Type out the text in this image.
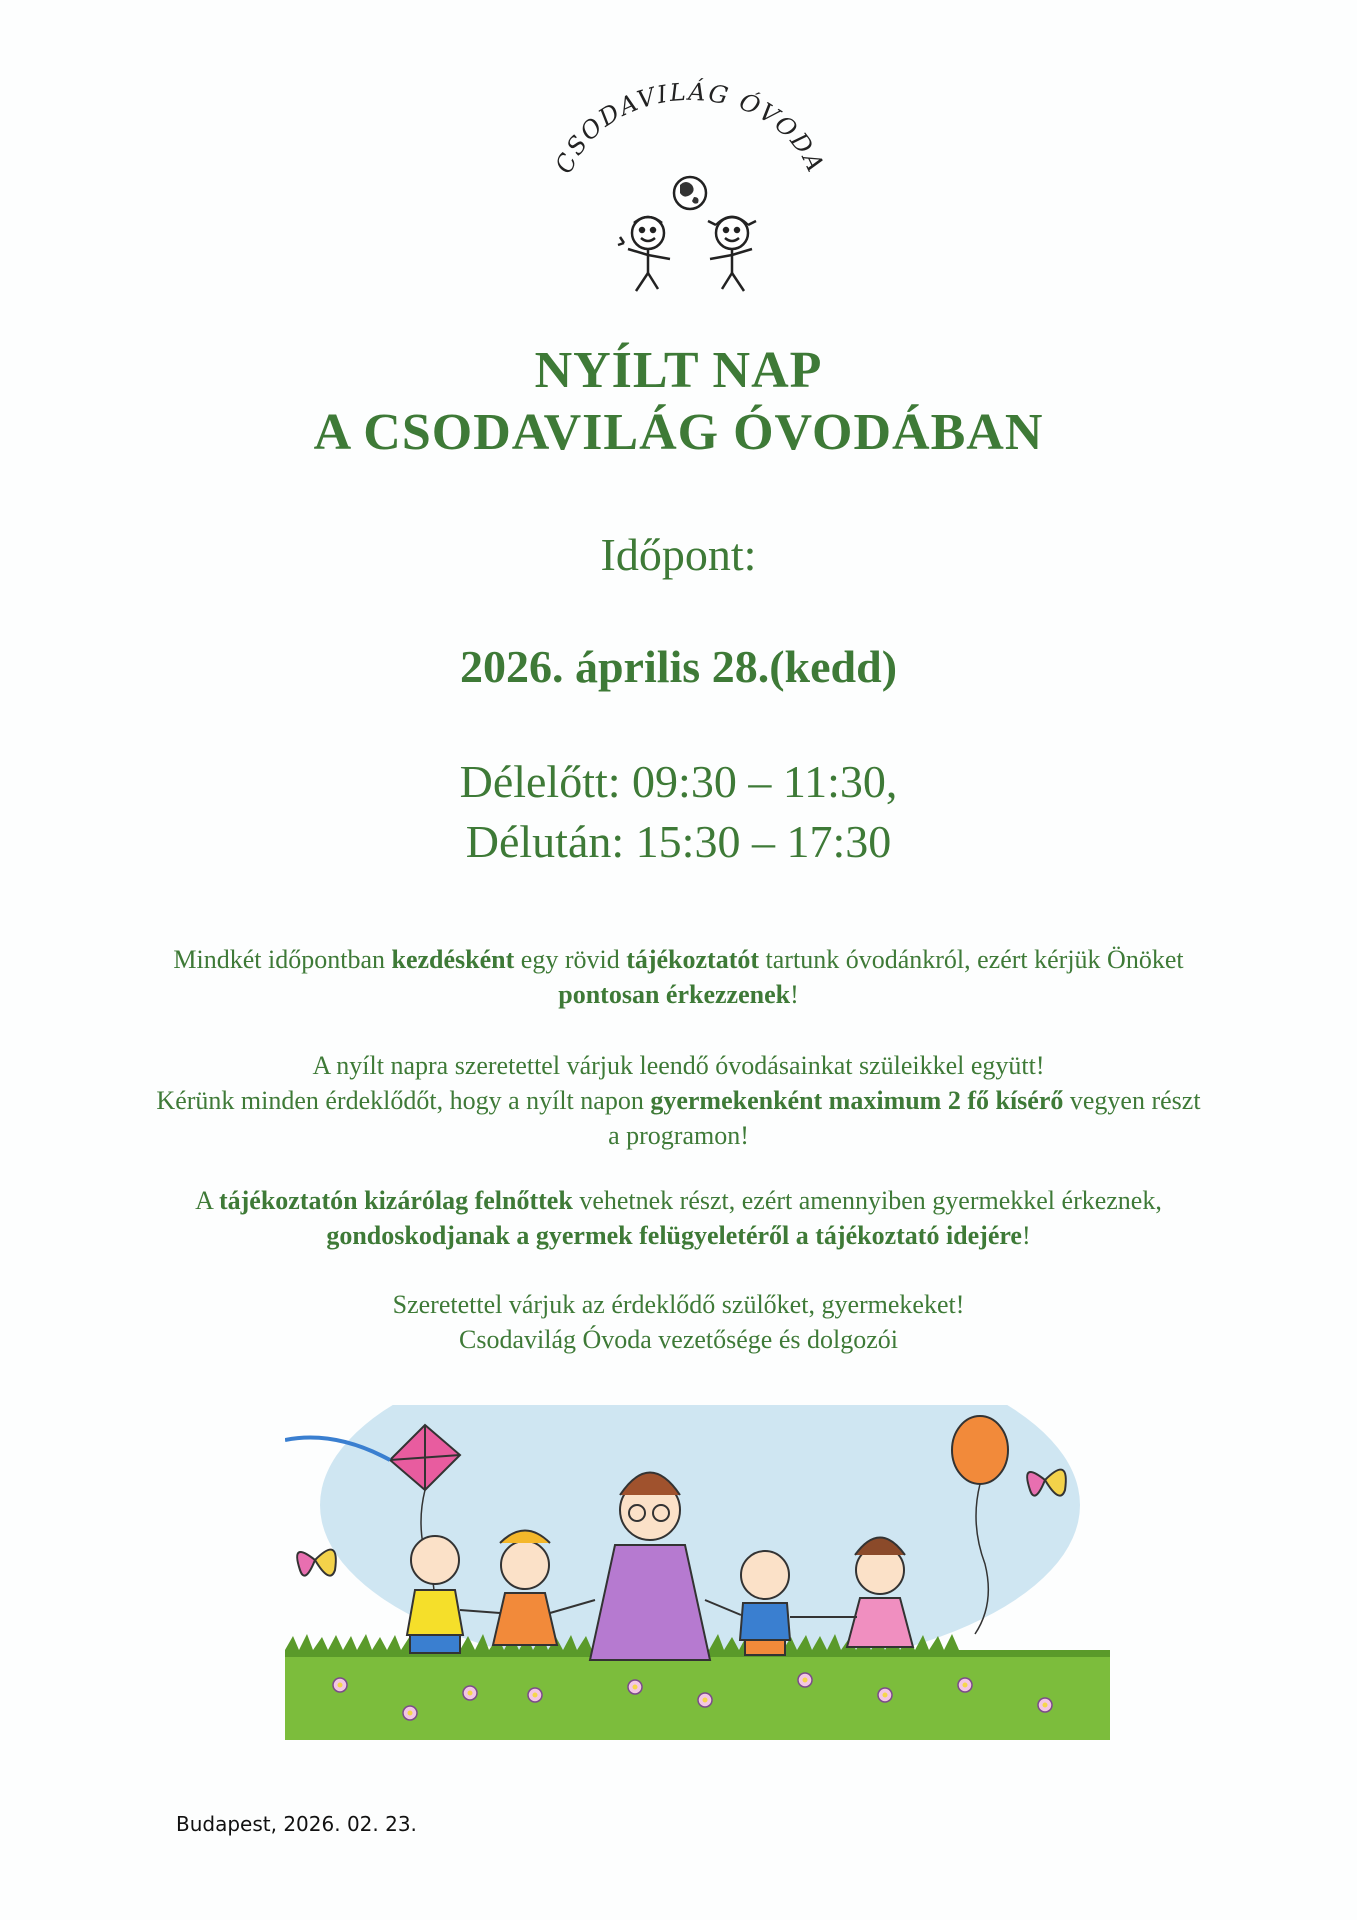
CSODAVILÁG ÓVODA
NYÍLT NAP
A CSODAVILÁG ÓVODÁBAN
Időpont:
2026. április 28.(kedd)
Délelőtt: 09:30 – 11:30,
Délután: 15:30 – 17:30
Mindkét időpontban kezdésként egy rövid tájékoztatót tartunk óvodánkról, ezért kérjük Önöket pontosan érkezzenek!
A nyílt napra szeretettel várjuk leendő óvodásainkat szüleikkel együtt!
Kérünk minden érdeklődőt, hogy a nyílt napon gyermekenként maximum 2 fő kísérő vegyen részt a programon!
A tájékoztatón kizárólag felnőttek vehetnek részt, ezért amennyiben gyermekkel érkeznek, gondoskodjanak a gyermek felügyeletéről a tájékoztató idejére!
Szeretettel várjuk az érdeklődő szülőket, gyermekeket!
Csodavilág Óvoda vezetősége és dolgozói
Budapest, 2026. 02. 23.
